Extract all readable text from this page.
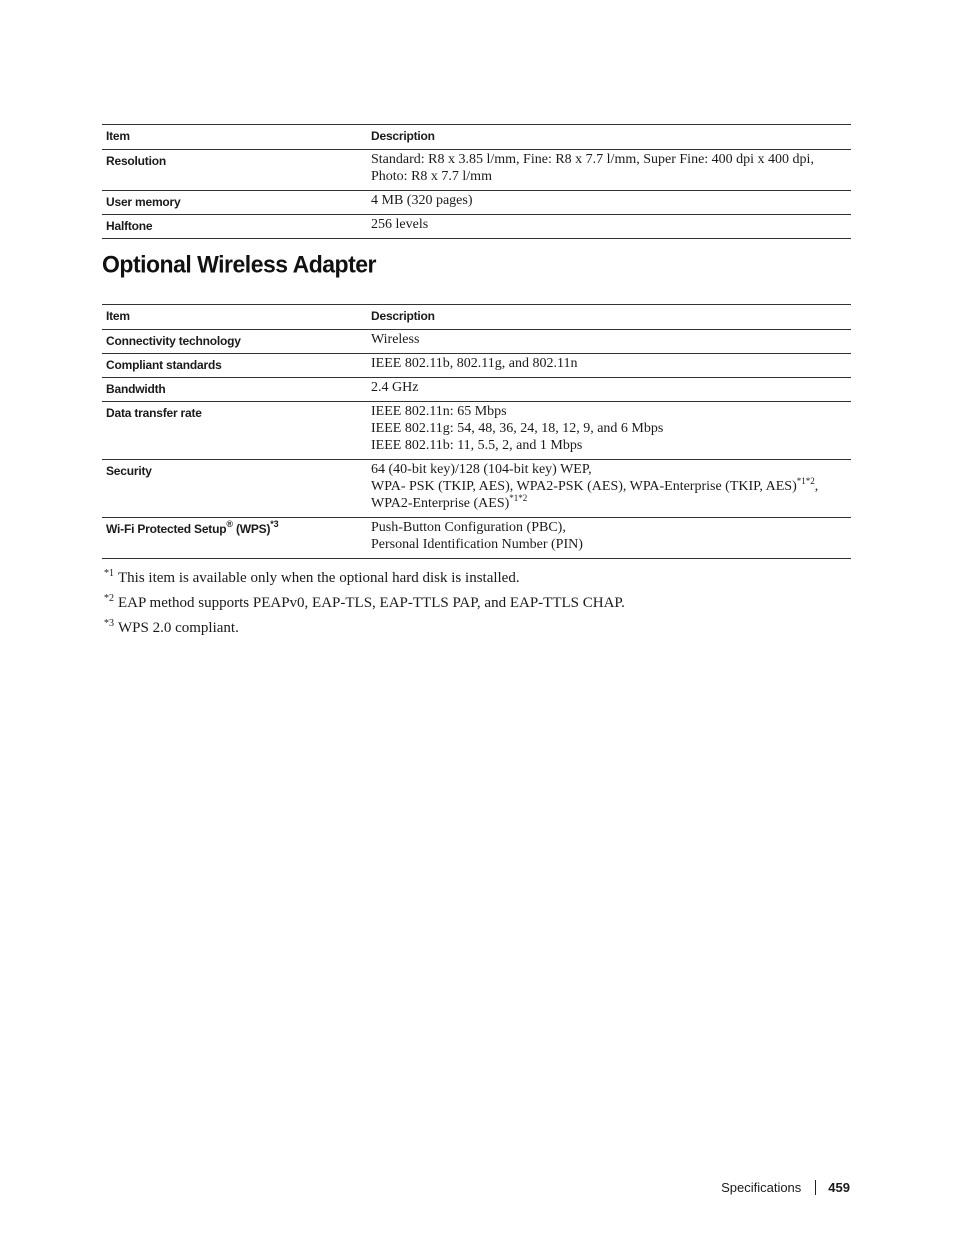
Item	Description
Resolution	Standard: R8 x 3.85 l/mm, Fine: R8 x 7.7 l/mm, Super Fine: 400 dpi x 400 dpi,
Photo: R8 x 7.7 l/mm

User memory	4 MB (320 pages)

Halftone	256 levels
Optional Wireless Adapter
Item	Description
Connectivity technology	Wireless

Compliant standards	IEEE 802.11b, 802.11g, and 802.11n

Bandwidth	2.4 GHz

Data transfer rate	IEEE 802.11n: 65 Mbps
IEEE 802.11g: 54, 48, 36, 24, 18, 12, 9, and 6 Mbps
IEEE 802.11b: 11, 5.5, 2, and 1 Mbps

Security	64 (40-bit key)/128 (104-bit key) WEP,
WPA- PSK (TKIP, AES), WPA2-PSK (AES), WPA-Enterprise (TKIP, AES)$^{*1*2}$,
WPA2-Enterprise (AES)$^{*1*2}$

Wi-Fi Protected Setup® (WPS)$^{*3}$	Push-Button Configuration (PBC),
Personal Identification Number (PIN)
$^{*1}$ This item is available only when the optional hard disk is installed.
$^{*2}$ EAP method supports PEAPv0, EAP-TLS, EAP-TTLS PAP, and EAP-TTLS CHAP.
$^{*3}$ WPS 2.0 compliant.
Specifications 459
